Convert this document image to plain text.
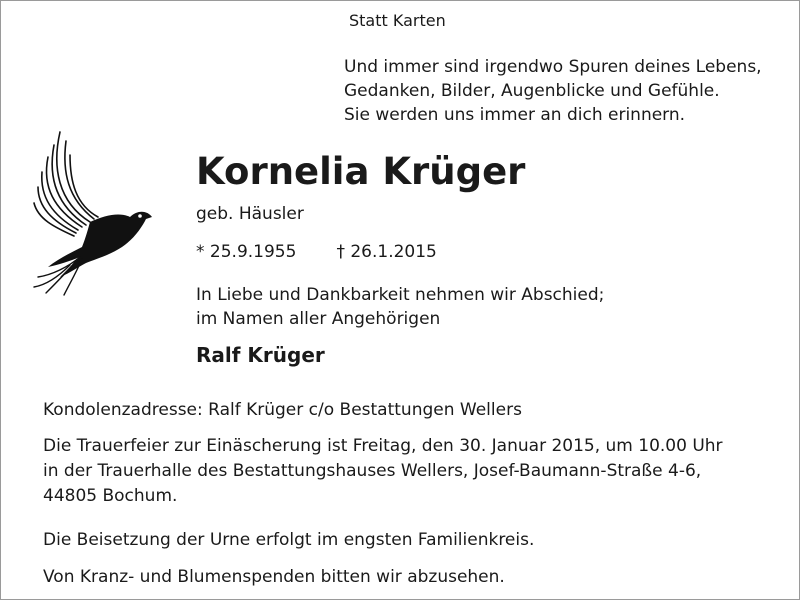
Statt Karten
Und immer sind irgendwo Spuren deines Lebens,
Gedanken, Bilder, Augenblicke und Gefühle.
Sie werden uns immer an dich erinnern.
Kornelia Krüger
geb. Häusler
* 25.9.1955 † 26.1.2015
In Liebe und Dankbarkeit nehmen wir Abschied;
im Namen aller Angehörigen
Ralf Krüger
Kondolenzadresse: Ralf Krüger c/o Bestattungen Wellers
Die Trauerfeier zur Einäscherung ist Freitag, den 30. Januar 2015, um 10.00 Uhr
in der Trauerhalle des Bestattungshauses Wellers, Josef-Baumann-Straße 4-6,
44805 Bochum.
Die Beisetzung der Urne erfolgt im engsten Familienkreis.
Von Kranz- und Blumenspenden bitten wir abzusehen.
